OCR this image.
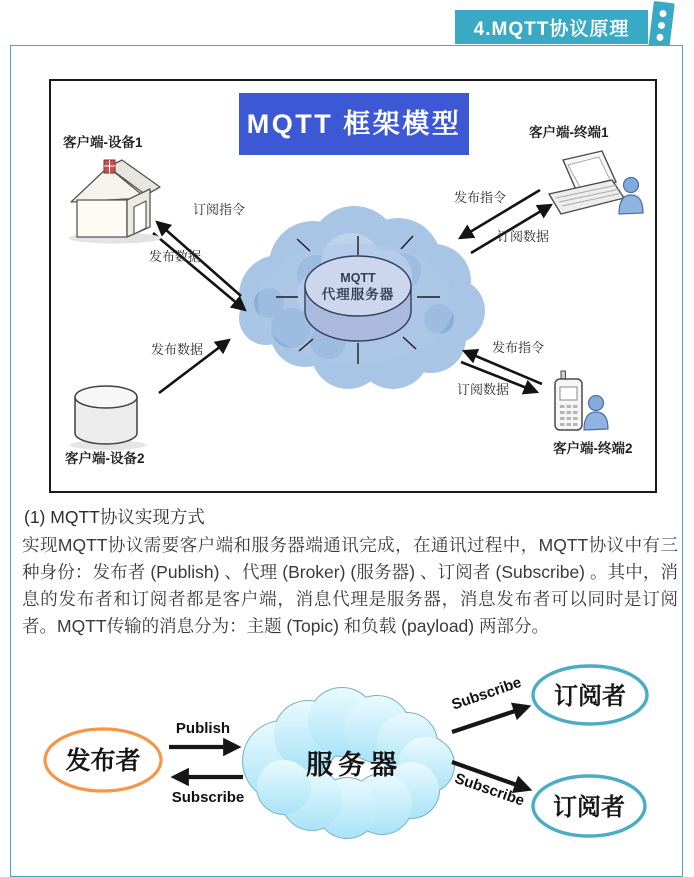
4.MQTT协议原理
MQTT 框架模型
MQTT
代理服务器
订阅指令
发布数据
发布指令
订阅数据
发布数据	发布指令
订阅数据
客户端-设备1
客户端-终端1
客户端-设备2
客户端-终端2
(1) MQTT协议实现方式
实现MQTT协议需要客户端和服务器端通讯完成，在通讯过程中，MQTT协议中有三种身份：发布者 (Publish) 、代理 (Broker) (服务器) 、订阅者 (Subscribe) 。其中，消息的发布者和订阅者都是客户端，消息代理是服务器，消息发布者可以同时是订阅者。MQTT传输的消息分为：主题 (Topic) 和负载 (payload) 两部分。
发布者
Publish
Subscribe
服务器
Subscribe
Subscribe
订阅者
订阅者
